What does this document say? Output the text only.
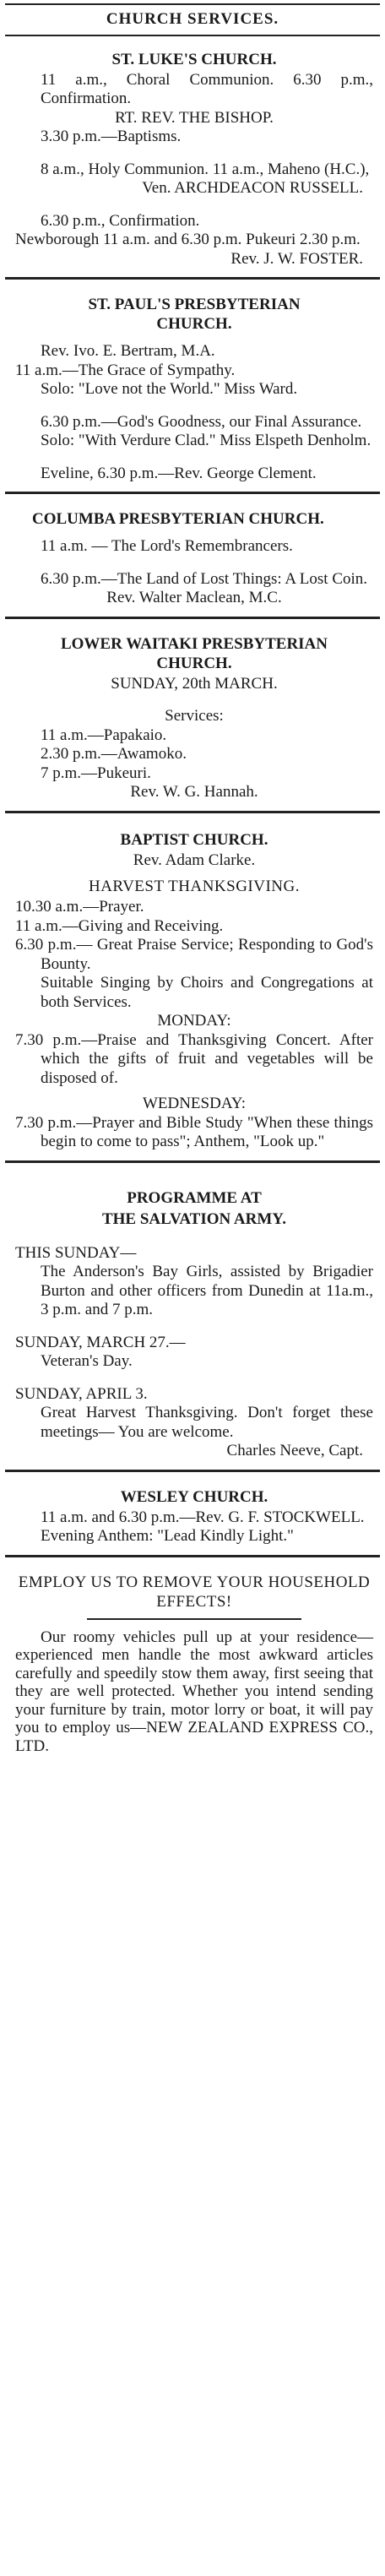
CHURCH SERVICES.
ST. LUKE'S CHURCH.

11 a.m., Choral Communion. 6.30 p.m., Confirmation.

RT. REV. THE BISHOP.

3.30 p.m.—Baptisms.

8 a.m., Holy Communion. 11 a.m., Maheno (H.C.),

Ven. ARCHDEACON RUSSELL.

6.30 p.m., Confirmation.

Newborough 11 a.m. and 6.30 p.m. Pukeuri 2.30 p.m.

Rev. J. W. FOSTER.

ST. PAUL'S PRESBYTERIAN CHURCH.

Rev. Ivo. E. Bertram, M.A.

11 a.m.—The Grace of Sympathy.

Solo: "Love not the World." Miss Ward.

6.30 p.m.—God's Goodness, our Final Assurance.

Solo: "With Verdure Clad." Miss Elspeth Denholm.

Eveline, 6.30 p.m.—Rev. George Clement.

COLUMBA PRESBYTERIAN CHURCH.

11 a.m. — The Lord's Remembrancers.

6.30 p.m.—The Land of Lost Things: A Lost Coin.

Rev. Walter Maclean, M.C.

LOWER WAITAKI PRESBYTERIAN CHURCH.
SUNDAY, 20th MARCH.
Services:

11 a.m.—Papakaio.

2.30 p.m.—Awamoko.

7 p.m.—Pukeuri.

Rev. W. G. Hannah.

BAPTIST CHURCH.
Rev. Adam Clarke.
HARVEST THANKSGIVING.

10.30 a.m.—Prayer.

11 a.m.—Giving and Receiving.

6.30 p.m.— Great Praise Service; Responding to God's Bounty.

Suitable Singing by Choirs and Congregations at both Services.

MONDAY:

7.30 p.m.—Praise and Thanksgiving Concert. After which the gifts of fruit and vegetables will be disposed of.

WEDNESDAY:

7.30 p.m.—Prayer and Bible Study "When these things begin to come to pass"; Anthem, "Look up."

PROGRAMME AT
THE SALVATION ARMY.

THIS SUNDAY—

The Anderson's Bay Girls, assisted by Brigadier Burton and other officers from Dunedin at 11a.m., 3 p.m. and 7 p.m.

SUNDAY, MARCH 27.—

Veteran's Day.

SUNDAY, APRIL 3.

Great Harvest Thanksgiving. Don't forget these meetings— You are welcome.

Charles Neeve, Capt.

WESLEY CHURCH.

11 a.m. and 6.30 p.m.—Rev. G. F. STOCKWELL.

Evening Anthem: "Lead Kindly Light."

EMPLOY US TO REMOVE YOUR HOUSEHOLD EFFECTS!

Our roomy vehicles pull up at your residence—experienced men handle the most awkward articles carefully and speedily stow them away, first seeing that they are well protected. Whether you intend sending your furniture by train, motor lorry or boat, it will pay you to employ us—NEW ZEALAND EXPRESS CO., LTD.
